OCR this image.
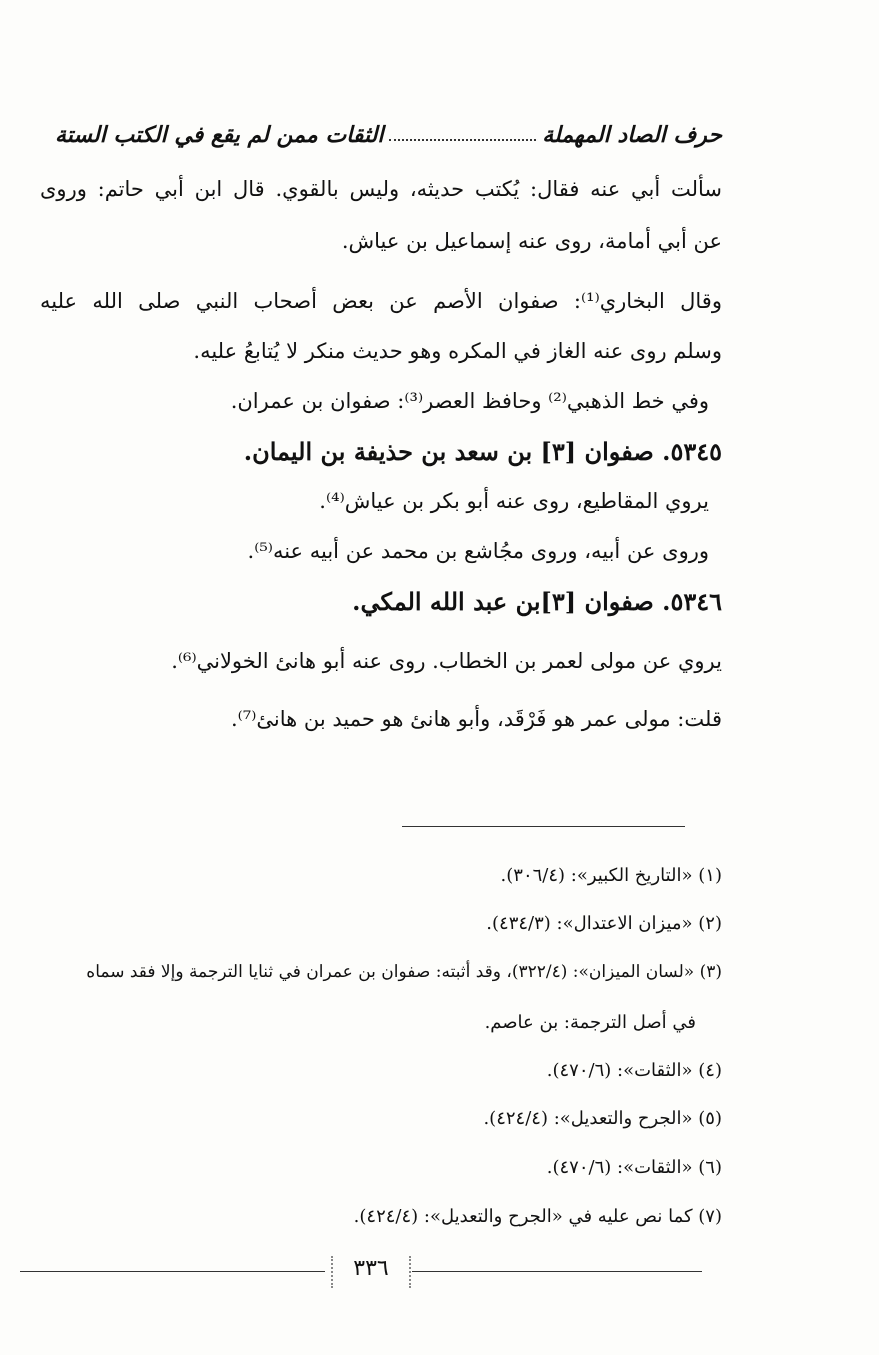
حرف الصاد المهملة
الثقات ممن لم يقع في الكتب الستة
سألت أبي عنه فقال: يُكتب حديثه، وليس بالقوي. قال ابن أبي حاتم: وروى
عن أبي أمامة، روى عنه إسماعيل بن عياش.
وقال البخاري⁽¹⁾: صفوان الأصم عن بعض أصحاب النبي صلى الله عليه
وسلم روى عنه الغاز في المكره وهو حديث منكر لا يُتابعُ عليه.
وفي خط الذهبي⁽²⁾ وحافظ العصر⁽³⁾: صفوان بن عمران.
٥٣٤٥. صفوان [٣] بن سعد بن حذيفة بن اليمان.
يروي المقاطيع، روى عنه أبو بكر بن عياش⁽⁴⁾.
وروى عن أبيه، وروى مجُاشع بن محمد عن أبيه عنه⁽⁵⁾.
٥٣٤٦. صفوان [٣]بن عبد الله المكي.
يروي عن مولى لعمر بن الخطاب. روى عنه أبو هانئ الخولاني⁽⁶⁾.
قلت: مولى عمر هو فَرْقَد، وأبو هانئ هو حميد بن هانئ⁽⁷⁾.
(١) «التاريخ الكبير»: (٣٠٦/٤).
(٢) «ميزان الاعتدال»: (٤٣٤/٣).
(٣) «لسان الميزان»: (٣٢٢/٤)، وقد أثبته: صفوان بن عمران في ثنايا الترجمة وإلا فقد سماه
في أصل الترجمة: بن عاصم.
(٤) «الثقات»: (٤٧٠/٦).
(٥) «الجرح والتعديل»: (٤٢٤/٤).
(٦) «الثقات»: (٤٧٠/٦).
(٧) كما نص عليه في «الجرح والتعديل»: (٤٢٤/٤).
٣٣٦
